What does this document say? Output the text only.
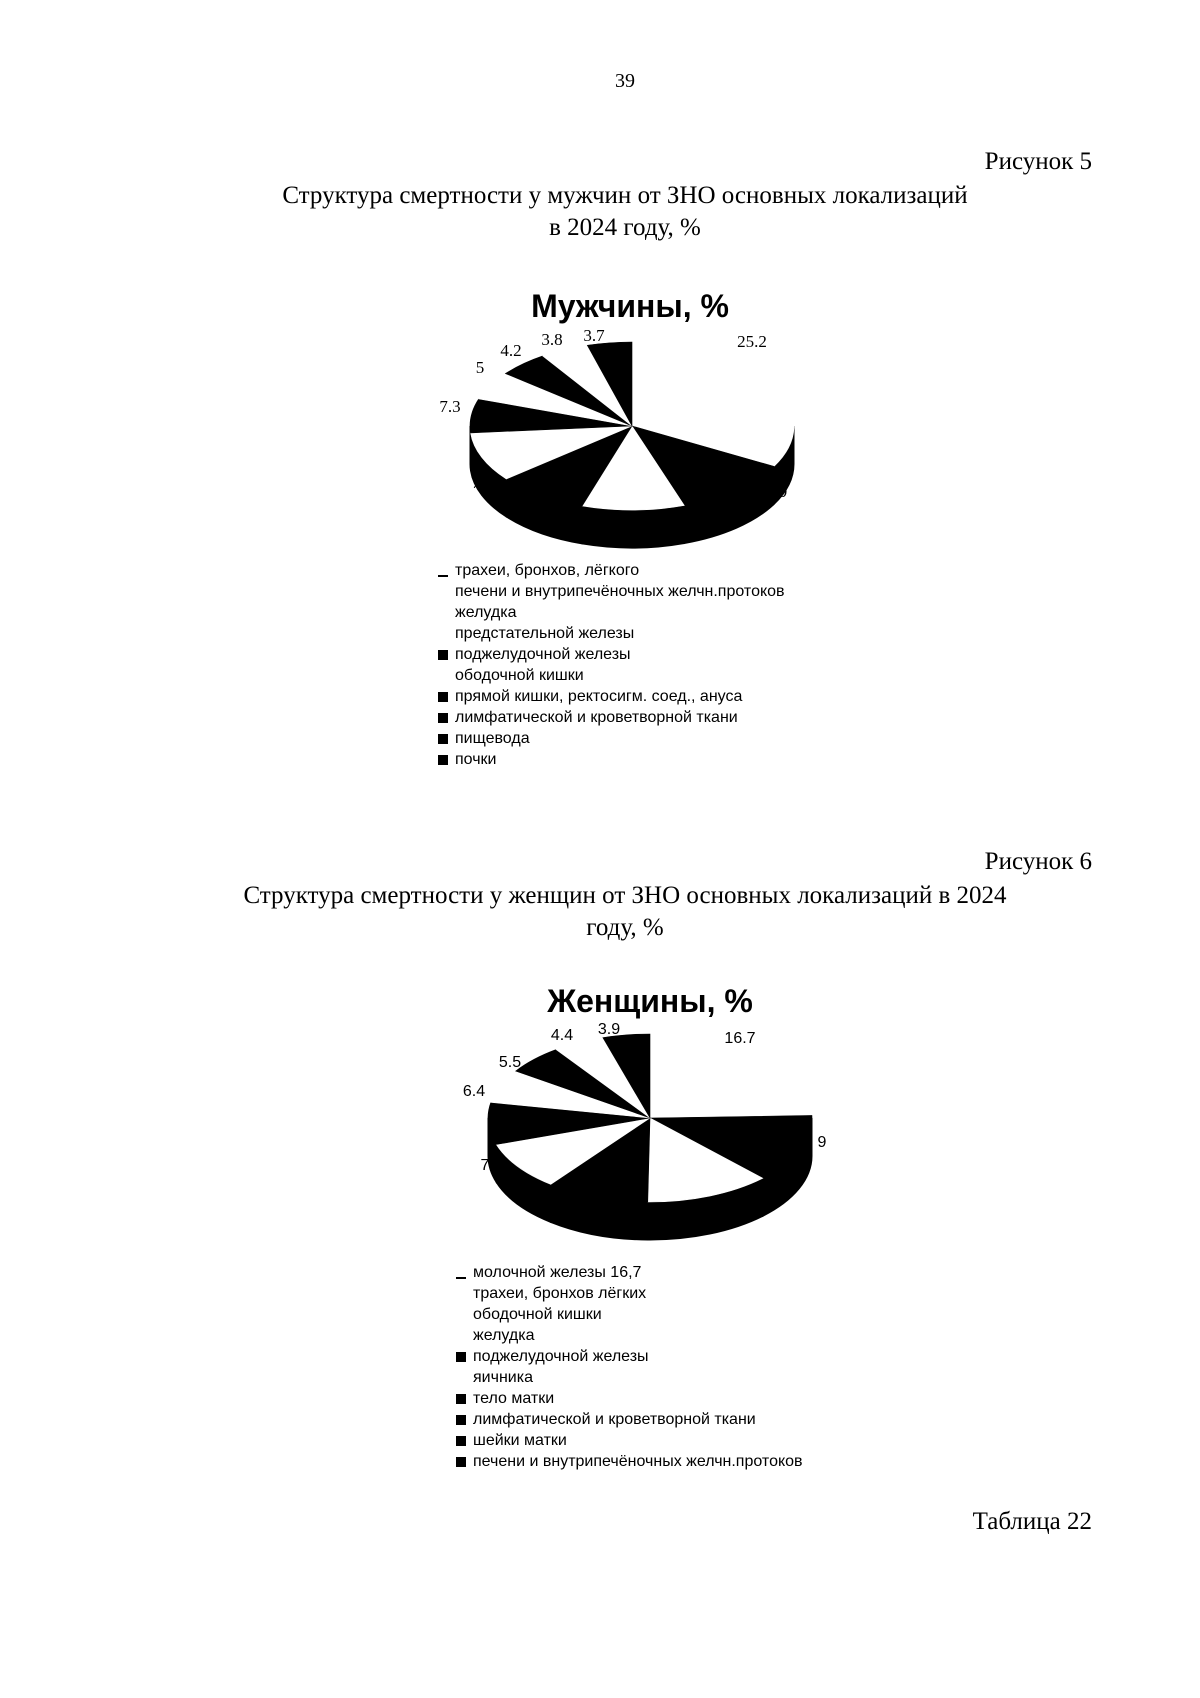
39
Рисунок 5
Структура смертности у мужчин от ЗНО основных локализаций
в 2024 году, %
Рисунок 6
Структура смертности у женщин от ЗНО основных локализаций в 2024
году, %
Мужчины, %
25.2
9
7
7.3
5
4.2
3.8 3.7
Женщины, %
16.7
9
7
6.4
5.5
4.4 3.9
трахеи, бронхов, лёгкого
печени и внутрипечёночных желчн.протоков
желудка
предстательной железы
поджелудочной железы
ободочной кишки
прямой кишки, ректосигм. соед., ануса
лимфатической и кроветворной ткани
пищевода
почки
молочной железы 16,7
трахеи, бронхов лёгких
ободочной кишки
желудка
поджелудочной железы
яичника
тело матки
лимфатической и кроветворной ткани
шейки матки
печени и внутрипечёночных желчн.протоков
Таблица 22
